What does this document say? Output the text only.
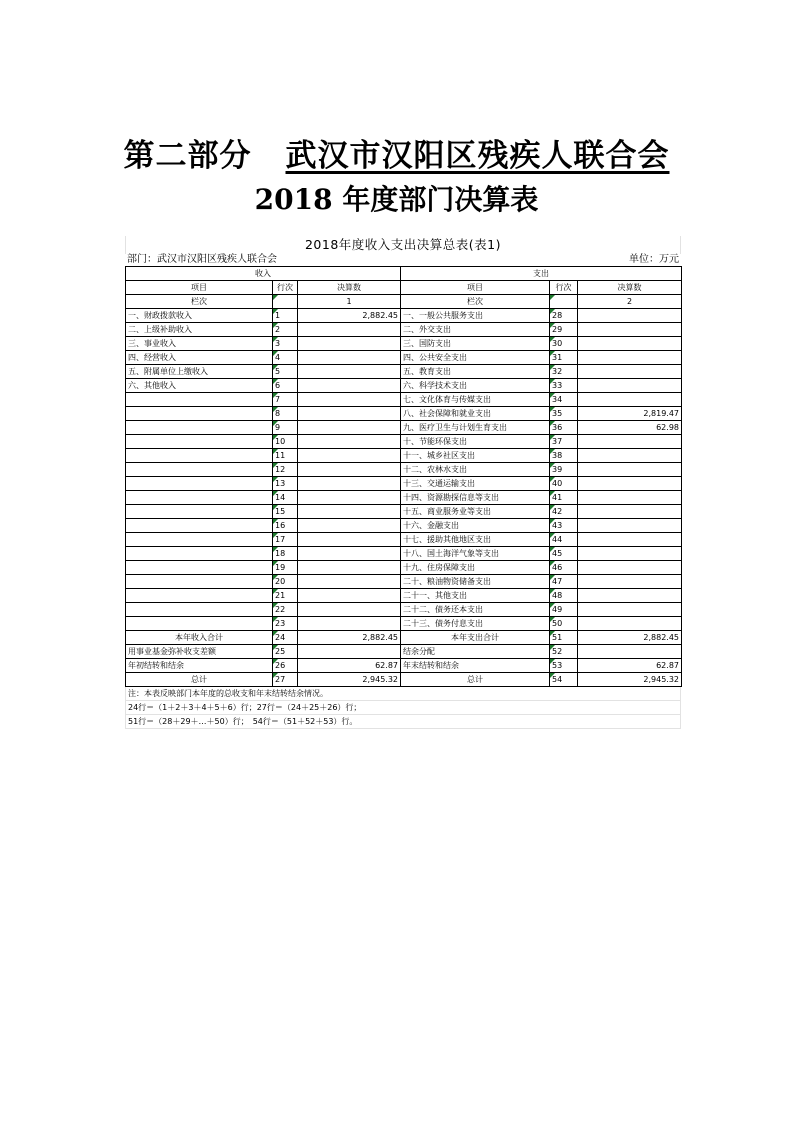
第二部分 武汉市汉阳区残疾人联合会
2018 年度部门决算表
2018年度收入支出决算总表(表1)
部门：武汉市汉阳区残疾人联合会	单位：万元
收入			支出		
项目	行次	决算数	项目	行次	决算数
栏次		1	栏次		2
一、财政拨款收入	1	2,882.45	一、一般公共服务支出	28	
二、上级补助收入	2		二、外交支出	29	
三、事业收入	3		三、国防支出	30	
四、经营收入	4		四、公共安全支出	31	
五、附属单位上缴收入	5		五、教育支出	32	
六、其他收入	6		六、科学技术支出	33	
	7		七、文化体育与传媒支出	34	
	8		八、社会保障和就业支出	35	2,819.47
	9		九、医疗卫生与计划生育支出	36	62.98
	10		十、节能环保支出	37	
	11		十一、城乡社区支出	38	
	12		十二、农林水支出	39	
	13		十三、交通运输支出	40	
	14		十四、资源勘探信息等支出	41	
	15		十五、商业服务业等支出	42	
	16		十六、金融支出	43	
	17		十七、援助其他地区支出	44	
	18		十八、国土海洋气象等支出	45	
	19		十九、住房保障支出	46	
	20		二十、粮油物资储备支出	47	
	21		二十一、其他支出	48	
	22		二十二、债务还本支出	49	
	23		二十三、债务付息支出	50	
本年收入合计	24	2,882.45	本年支出合计	51	2,882.45
用事业基金弥补收支差额	25		结余分配	52	
年初结转和结余	26	62.87	年末结转和结余	53	62.87
总计	27	2,945.32	总计	54	2,945.32
注：本表反映部门本年度的总收支和年末结转结余情况。
24行＝（1＋2＋3＋4＋5＋6）行；27行＝（24＋25＋26）行；
51行＝（28＋29＋…＋50）行；　54行＝（51＋52＋53）行。
